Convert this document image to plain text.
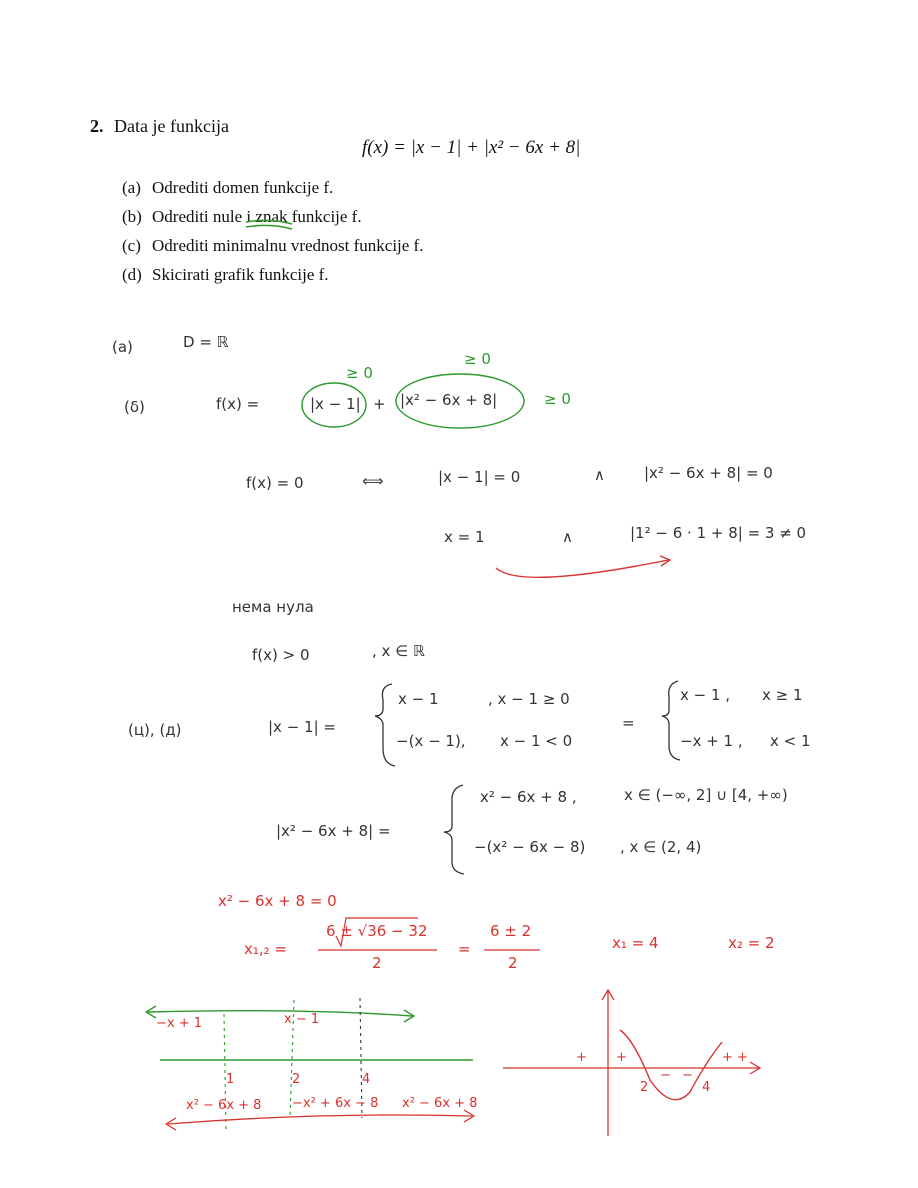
2. Data je funkcija
f(x) = |x − 1| + |x² − 6x + 8|
(a) Odrediti domen funkcije f.
(b) Odrediti nule i znak funkcije f.
(c) Odrediti minimalnu vrednost funkcije f.
(d) Skicirati grafik funkcije f.
(a)	D = ℝ
≥ 0
≥ 0
(δ)	f(x) =	|x − 1| + |x² − 6x + 8|	≥ 0
f(x) = 0	⟺	|x − 1| = 0	∧	|x² − 6x + 8| = 0
x = 1	∧	|1² − 6 · 1 + 8| = 3 ≠ 0
нема нула
f(x) > 0	, x ∈ ℝ
(ц), (д)	|x − 1| =
x − 1	, x − 1 ≥ 0
−(x − 1), x − 1 < 0
=
x − 1 , x ≥ 1
−x + 1 , x < 1
|x² − 6x + 8| =
x² − 6x + 8 ,	x ∈ (−∞, 2] ∪ [4, +∞)
−(x² − 6x − 8) , x ∈ (2, 4)
x² − 6x + 8 = 0
x₁,₂ =
6 ± √36 − 32
2
=
6 ± 2
2
x₁ = 4	x₂ = 2
−x + 1	x − 1
1	2	4
x² − 6x + 8 −x² + 6x − 8 x² − 6x + 8
+ +
− −
+ +
2	4
